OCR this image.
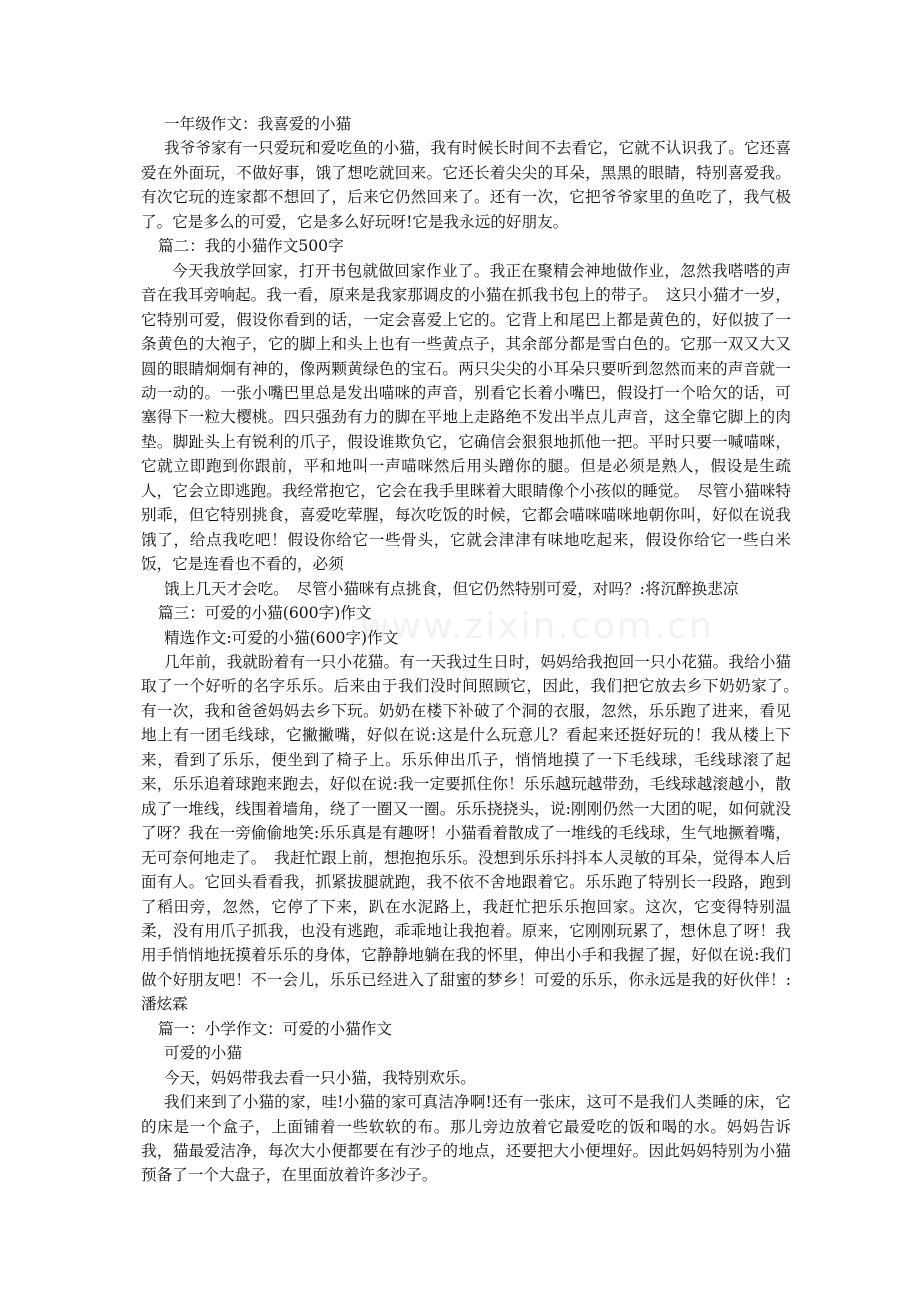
一年级作文：我喜爱的小猫

我爷爷家有一只爱玩和爱吃鱼的小猫，我有时候长时间不去看它，它就不认识我了。它还喜爱在外面玩，不做好事，饿了想吃就回来。它还长着尖尖的耳朵，黑黑的眼睛，特别喜爱我。有次它玩的连家都不想回了，后来它仍然回来了。还有一次，它把爷爷家里的鱼吃了，我气极了。它是多么的可爱，它是多么好玩呀!它是我永远的好朋友。

篇二：我的小猫作文500字

今天我放学回家，打开书包就做回家作业了。我正在聚精会神地做作业，忽然我嗒嗒的声音在我耳旁响起。我一看，原来是我家那调皮的小猫在抓我书包上的带子。　这只小猫才一岁，它特别可爱，假设你看到的话，一定会喜爱上它的。它背上和尾巴上都是黄色的，好似披了一条黄色的大袍子，它的脚上和头上也有一些黄点子，其余部分都是雪白色的。它那一双又大又圆的眼睛炯炯有神的，像两颗黄绿色的宝石。两只尖尖的小耳朵只要听到忽然而来的声音就一动一动的。一张小嘴巴里总是发出喵咪的声音，别看它长着小嘴巴，假设打一个哈欠的话，可塞得下一粒大樱桃。四只强劲有力的脚在平地上走路绝不发出半点儿声音，这全靠它脚上的肉垫。脚趾头上有锐利的爪子，假设谁欺负它，它确信会狠狠地抓他一把。平时只要一喊喵咪，它就立即跑到你跟前，平和地叫一声喵咪然后用头蹭你的腿。但是必须是熟人，假设是生疏人，它会立即逃跑。我经常抱它，它会在我手里眯着大眼睛像个小孩似的睡觉。　尽管小猫咪特别乖，但它特别挑食，喜爱吃荤腥，每次吃饭的时候，它都会喵咪喵咪地朝你叫，好似在说我饿了，给点我吃吧！假设你给它一些骨头，它就会津津有味地吃起来，假设你给它一些白米饭，它是连看也不看的，必须

饿上几天才会吃。　尽管小猫咪有点挑食，但它仍然特别可爱，对吗？:将沉醉换悲凉

篇三：可爱的小猫(600字)作文

精选作文:可爱的小猫(600字)作文

几年前，我就盼着有一只小花猫。有一天我过生日时，妈妈给我抱回一只小花猫。我给小猫取了一个好听的名字乐乐。后来由于我们没时间照顾它，因此，我们把它放去乡下奶奶家了。　有一次，我和爸爸妈妈去乡下玩。奶奶在楼下补破了个洞的衣服，忽然，乐乐跑了进来，看见地上有一团毛线球，它撇撇嘴，好似在说:这是什么玩意儿？看起来还挺好玩的！我从楼上下来，看到了乐乐，便坐到了椅子上。乐乐伸出爪子，悄悄地摸了一下毛线球，毛线球滚了起来，乐乐追着球跑来跑去，好似在说:我一定要抓住你！乐乐越玩越带劲，毛线球越滚越小，散成了一堆线，线围着墙角，绕了一圈又一圈。乐乐挠挠头，说:刚刚仍然一大团的呢，如何就没了呀？我在一旁偷偷地笑:乐乐真是有趣呀！小猫看着散成了一堆线的毛线球，生气地撅着嘴，无可奈何地走了。　我赶忙跟上前，想抱抱乐乐。没想到乐乐抖抖本人灵敏的耳朵，觉得本人后面有人。它回头看看我，抓紧拔腿就跑，我不依不舍地跟着它。乐乐跑了特别长一段路，跑到了稻田旁，忽然，它停了下来，趴在水泥路上，我赶忙把乐乐抱回家。这次，它变得特别温柔，没有用爪子抓我，也没有逃跑，乖乖地让我抱着。原来，它刚刚玩累了，想休息了呀！我用手悄悄地抚摸着乐乐的身体，它静静地躺在我的怀里，伸出小手和我握了握，好似在说:我们做个好朋友吧！不一会儿，乐乐已经进入了甜蜜的梦乡！可爱的乐乐，你永远是我的好伙伴！:潘炫霖

篇一：小学作文：可爱的小猫作文

可爱的小猫

今天，妈妈带我去看一只小猫，我特别欢乐。

我们来到了小猫的家，哇!小猫的家可真洁净啊!还有一张床，这可不是我们人类睡的床，它的床是一个盒子，上面铺着一些软软的布。那儿旁边放着它最爱吃的饭和喝的水。妈妈告诉我，猫最爱洁净，每次大小便都要在有沙子的地点，还要把大小便埋好。因此妈妈特别为小猫预备了一个大盘子，在里面放着许多沙子。

www.zixin.com.cn
